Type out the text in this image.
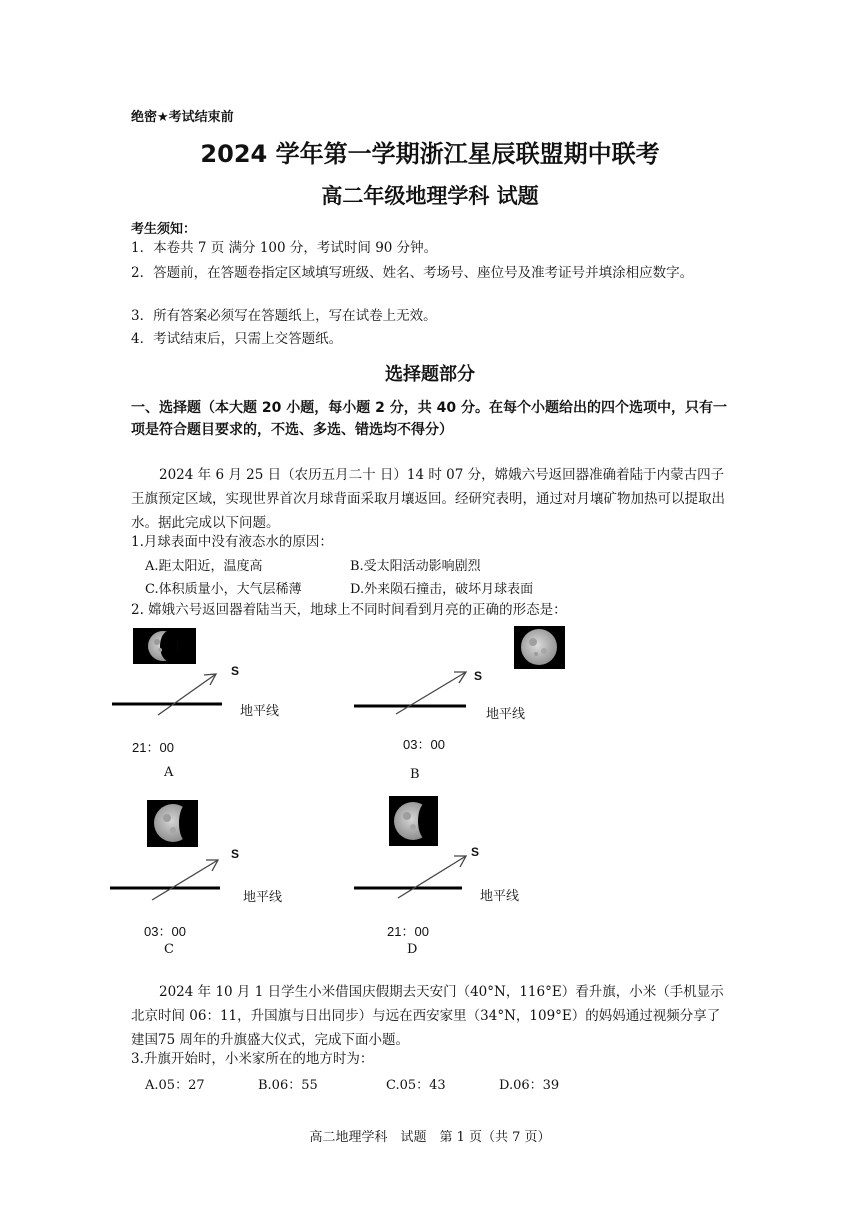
绝密★考试结束前
2024 学年第一学期浙江星辰联盟期中联考
高二年级地理学科 试题
考生须知：
1．本卷共 7 页 满分 100 分，考试时间 90 分钟。
2．答题前，在答题卷指定区域填写班级、姓名、考场号、座位号及准考证号并填涂相应数字。
3．所有答案必须写在答题纸上，写在试卷上无效。
4．考试结束后，只需上交答题纸。
选择题部分
一、选择题（本大题 20 小题，每小题 2 分，共 40 分。在每个小题给出的四个选项中，只有一项是符合题目要求的，不选、多选、错选均不得分）
2024 年 6 月 25 日（农历五月二十 日）14 时 07 分，嫦娥六号返回器准确着陆于内蒙古四子王旗预定区域，实现世界首次月球背面采取月壤返回。经研究表明，通过对月壤矿物加热可以提取出水。据此完成以下问题。
1.月球表面中没有液态水的原因：
A.距太阳近，温度高	B.受太阳活动影响剧烈
C.体积质量小，大气层稀薄	D.外来陨石撞击，破坏月球表面
2. 嫦娥六号返回器着陆当天，地球上不同时间看到月亮的正确的形态是：
S
地平线
21：00
A
S
地平线
03：00
B
S
地平线
03：00
C
S
地平线
21：00
D
2024 年 10 月 1 日学生小米借国庆假期去天安门（40°N，116°E）看升旗，小米（手机显示北京时间 06：11，升国旗与日出同步）与远在西安家里（34°N，109°E）的妈妈通过视频分享了建国75 周年的升旗盛大仪式，完成下面小题。
3.升旗开始时，小米家所在的地方时为：
A.05：27	B.06：55	C.05：43	D.06：39
高二地理学科　试题　第 1 页（共 7 页）
